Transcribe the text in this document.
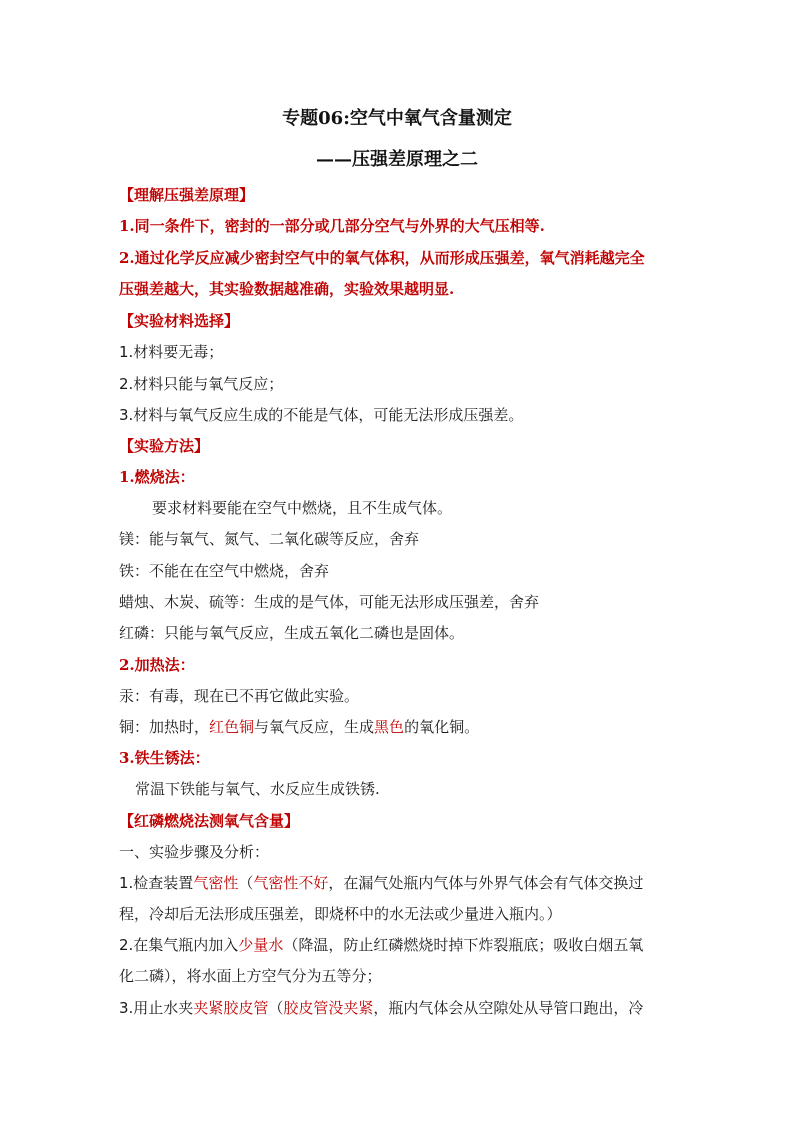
专题06:空气中氧气含量测定
——压强差原理之二
【理解压强差原理】
1.同一条件下，密封的一部分或几部分空气与外界的大气压相等.
2.通过化学反应减少密封空气中的氧气体积，从而形成压强差，氧气消耗越完全
压强差越大，其实验数据越准确，实验效果越明显.
【实验材料选择】
1.材料要无毒；
2.材料只能与氧气反应；
3.材料与氧气反应生成的不能是气体，可能无法形成压强差。
【实验方法】
1.燃烧法：
要求材料要能在空气中燃烧，且不生成气体。
镁：能与氧气、氮气、二氧化碳等反应，舍弃
铁：不能在在空气中燃烧，舍弃
蜡烛、木炭、硫等：生成的是气体，可能无法形成压强差，舍弃
红磷：只能与氧气反应，生成五氧化二磷也是固体。
2.加热法：
汞：有毒，现在已不再它做此实验。
铜：加热时，红色铜与氧气反应，生成黑色的氧化铜。
3.铁生锈法：
常温下铁能与氧气、水反应生成铁锈.
【红磷燃烧法测氧气含量】
一、实验步骤及分析：
1.检查装置气密性（气密性不好，在漏气处瓶内气体与外界气体会有气体交换过
程，冷却后无法形成压强差，即烧杯中的水无法或少量进入瓶内。）
2.在集气瓶内加入少量水（降温，防止红磷燃烧时掉下炸裂瓶底；吸收白烟五氧
化二磷），将水面上方空气分为五等分；
3.用止水夹夹紧胶皮管（胶皮管没夹紧，瓶内气体会从空隙处从导管口跑出，冷
